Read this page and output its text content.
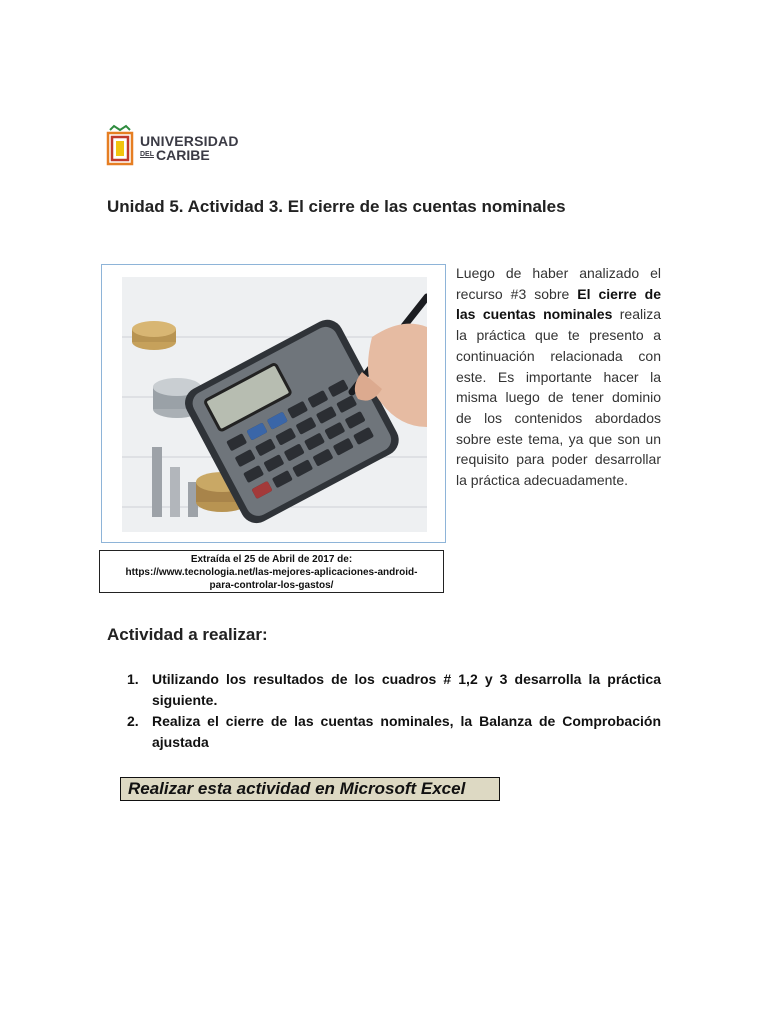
UNIVERSIDAD
$^{DEL}$ CARIBE
Unidad 5. Actividad 3. El cierre de las cuentas nominales
Luego de haber analizado el recurso #3 sobre El cierre de las cuentas nominales realiza la práctica que te presento a continuación relacionada con este. Es importante hacer la misma luego de tener dominio de los contenidos abordados sobre este tema, ya que son un requisito para poder desarrollar la práctica adecuadamente.
Extraída el 25 de Abril de 2017 de:
https://www.tecnologia.net/las-mejores-aplicaciones-android-
para-controlar-los-gastos/
Actividad a realizar:
1. Utilizando los resultados de los cuadros # 1,2 y 3 desarrolla la práctica siguiente.
2. Realiza el cierre de las cuentas nominales, la Balanza de Comprobación ajustada
Realizar esta actividad en Microsoft Excel
